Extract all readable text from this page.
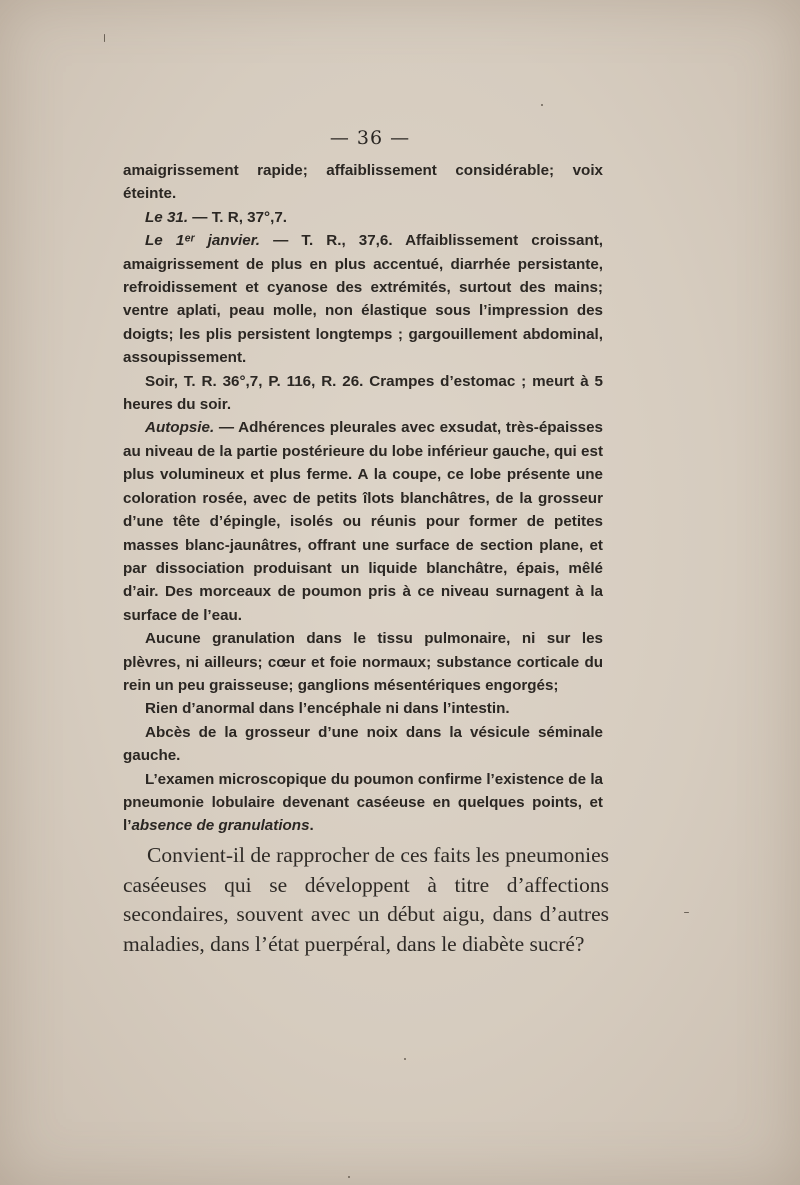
— 36 —

amaigrissement rapide; affaiblissement considérable; voix éteinte.

Le 31. — T. R, 37°,7.

Le 1ᵉʳ janvier. — T. R., 37,6. Affaiblissement croissant, amaigrissement de plus en plus accentué, diarrhée persistante, refroidissement et cyanose des extrémités, surtout des mains; ventre aplati, peau molle, non élastique sous l’impression des doigts; les plis persistent longtemps ; gargouillement abdominal, assoupissement.

Soir, T. R. 36°,7, P. 116, R. 26. Crampes d’estomac ; meurt à 5 heures du soir.

Autopsie. — Adhérences pleurales avec exsudat, très-épaisses au niveau de la partie postérieure du lobe inférieur gauche, qui est plus volumineux et plus ferme. A la coupe, ce lobe présente une coloration rosée, avec de petits îlots blanchâtres, de la grosseur d’une tête d’épingle, isolés ou réunis pour former de petites masses blanc-jaunâtres, offrant une surface de section plane, et par dissociation produisant un liquide blanchâtre, épais, mêlé d’air. Des morceaux de poumon pris à ce niveau surnagent à la surface de l’eau.

Aucune granulation dans le tissu pulmonaire, ni sur les plèvres, ni ailleurs; cœur et foie normaux; substance corticale du rein un peu graisseuse; ganglions mésentériques engorgés;

Rien d’anormal dans l’encéphale ni dans l’intestin.

Abcès de la grosseur d’une noix dans la vésicule séminale gauche.

L’examen microscopique du poumon confirme l’existence de la pneumonie lobulaire devenant caséeuse en quelques points, et l’absence de granulations.

Convient-il de rapprocher de ces faits les pneumonies caséeuses qui se développent à titre d’affections secondaires, souvent avec un début aigu, dans d’autres maladies, dans l’état puerpéral, dans le diabète sucré?
